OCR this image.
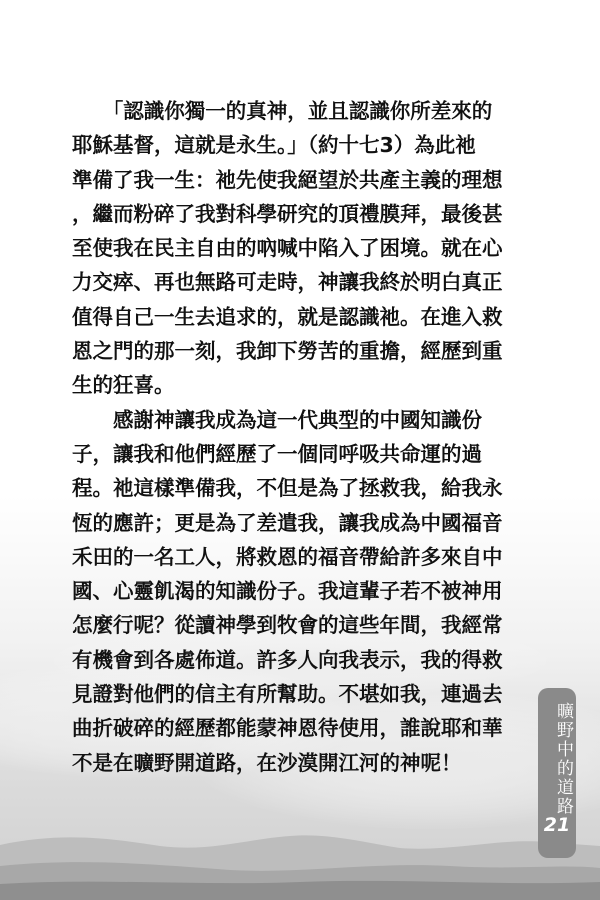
　　「認識你獨一的真神，並且認識你所差來的
耶穌基督，這就是永生。」（約十七3）為此祂
準備了我一生：祂先使我絕望於共產主義的理想
，繼而粉碎了我對科學研究的頂禮膜拜，最後甚
至使我在民主自由的吶喊中陷入了困境。就在心
力交瘁、再也無路可走時，神讓我終於明白真正
值得自己一生去追求的，就是認識祂。在進入救
恩之門的那一刻，我卸下勞苦的重擔，經歷到重
生的狂喜。
　　感謝神讓我成為這一代典型的中國知識份
子，讓我和他們經歷了一個同呼吸共命運的過
程。祂這樣準備我，不但是為了拯救我，給我永
恆的應許；更是為了差遣我，讓我成為中國福音
禾田的一名工人，將救恩的福音帶給許多來自中
國、心靈飢渴的知識份子。我這輩子若不被神用
怎麼行呢？從讀神學到牧會的這些年間，我經常
有機會到各處佈道。許多人向我表示，我的得救
見證對他們的信主有所幫助。不堪如我，連過去
曲折破碎的經歷都能蒙神恩待使用，誰說耶和華
不是在曠野開道路，在沙漠開江河的神呢！	曠野中的道路
21
